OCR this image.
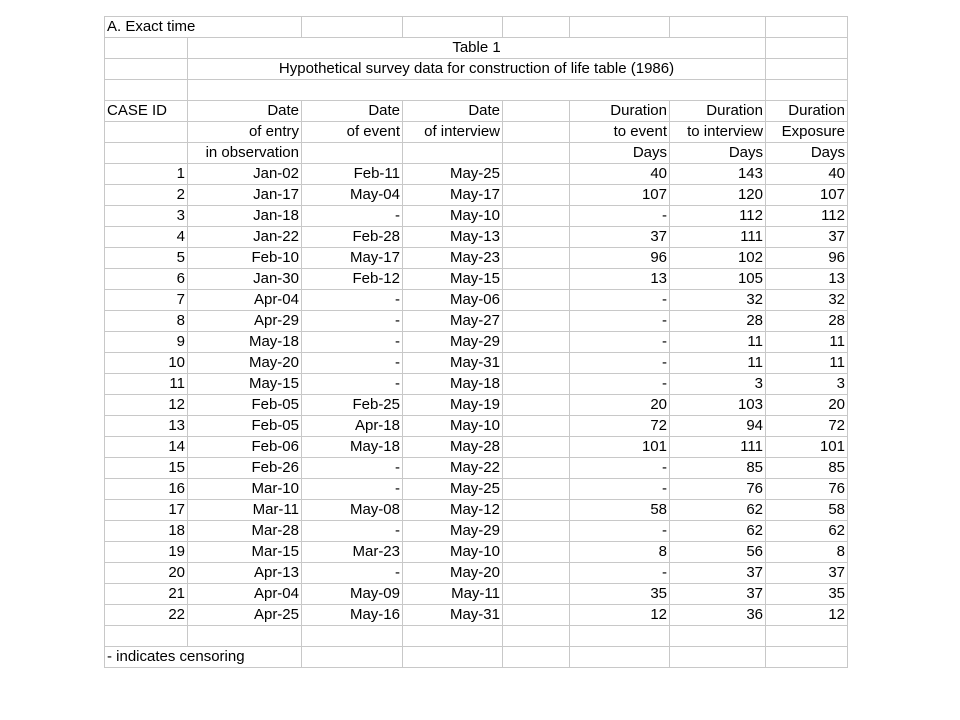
A. Exact time							
	Table 1						
	Hypothetical survey data for construction of life table (1986)						

CASE ID	Date	Date	Date		Duration	Duration	Duration
	of entry	of event	of interview		to event	to interview	Exposure
	in observation				Days	Days	Days
1	Jan-02	Feb-11	May-25		40	143	40
2	Jan-17	May-04	May-17		107	120	107
3	Jan-18	-	May-10		-	112	112
4	Jan-22	Feb-28	May-13		37	111	37
5	Feb-10	May-17	May-23		96	102	96
6	Jan-30	Feb-12	May-15		13	105	13
7	Apr-04	-	May-06		-	32	32
8	Apr-29	-	May-27		-	28	28
9	May-18	-	May-29		-	11	11
10	May-20	-	May-31		-	11	11
11	May-15	-	May-18		-	3	3
12	Feb-05	Feb-25	May-19		20	103	20
13	Feb-05	Apr-18	May-10		72	94	72
14	Feb-06	May-18	May-28		101	111	101
15	Feb-26	-	May-22		-	85	85
16	Mar-10	-	May-25		-	76	76
17	Mar-11	May-08	May-12		58	62	58
18	Mar-28	-	May-29		-	62	62
19	Mar-15	Mar-23	May-10		8	56	8
20	Apr-13	-	May-20		-	37	37
21	Apr-04	May-09	May-11		35	37	35
22	Apr-25	May-16	May-31		12	36	12

- indicates censoring							
